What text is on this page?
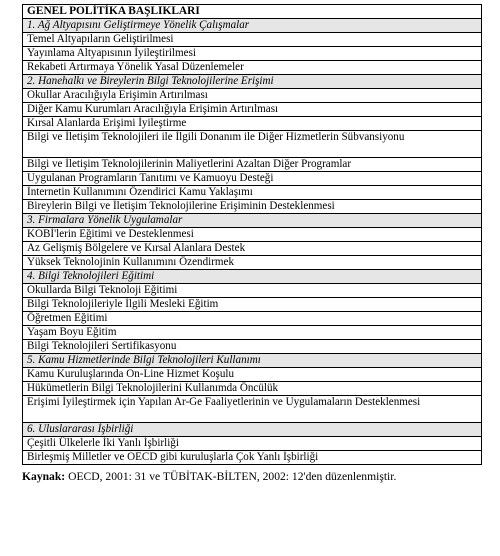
GENEL POLİTİKA BAŞLIKLARI
1. Ağ Altyapısını Geliştirmeye Yönelik Çalışmalar
Temel Altyapıların Geliştirilmesi
Yayınlama Altyapısının İyileştirilmesi
Rekabeti Artırmaya Yönelik Yasal Düzenlemeler
2. Hanehalkı ve Bireylerin Bilgi Teknolojilerine Erişimi
Okullar Aracılığıyla Erişimin Artırılması
Diğer Kamu Kurumları Aracılığıyla Erişimin Artırılması
Kırsal Alanlarda Erişimi İyileştirme
Bilgi ve İletişim Teknolojileri ile İlgili Donanım ile Diğer Hizmetlerin Sübvansiyonu
Bilgi ve İletişim Teknolojilerinin Maliyetlerini Azaltan Diğer Programlar
Uygulanan Programların Tanıtımı ve Kamuoyu Desteği
İnternetin Kullanımını Özendirici Kamu Yaklaşımı
Bireylerin Bilgi ve İletişim Teknolojilerine Erişiminin Desteklenmesi
3. Firmalara Yönelik Uygulamalar
KOBİ'lerin Eğitimi ve Desteklenmesi
Az Gelişmiş Bölgelere ve Kırsal Alanlara Destek
Yüksek Teknolojinin Kullanımını Özendirmek
4. Bilgi Teknolojileri Eğitimi
Okullarda Bilgi Teknoloji Eğitimi
Bilgi Teknolojileriyle İlgili Mesleki Eğitim
Öğretmen Eğitimi
Yaşam Boyu Eğitim
Bilgi Teknolojileri Sertifikasyonu
5. Kamu Hizmetlerinde Bilgi Teknolojileri Kullanımı
Kamu Kuruluşlarında On-Line Hizmet Koşulu
Hükümetlerin Bilgi Teknolojilerini Kullanımda Öncülük
Erişimi İyileştirmek için Yapılan Ar-Ge Faaliyetlerinin ve Uygulamaların Desteklenmesi
6. Uluslararası İşbirliği
Çeşitli Ülkelerle İki Yanlı İşbirliği
Birleşmiş Milletler ve OECD gibi kuruluşlarla Çok Yanlı İşbirliği
Kaynak: OECD, 2001: 31 ve TÜBİTAK-BİLTEN, 2002: 12'den düzenlenmiştir.
